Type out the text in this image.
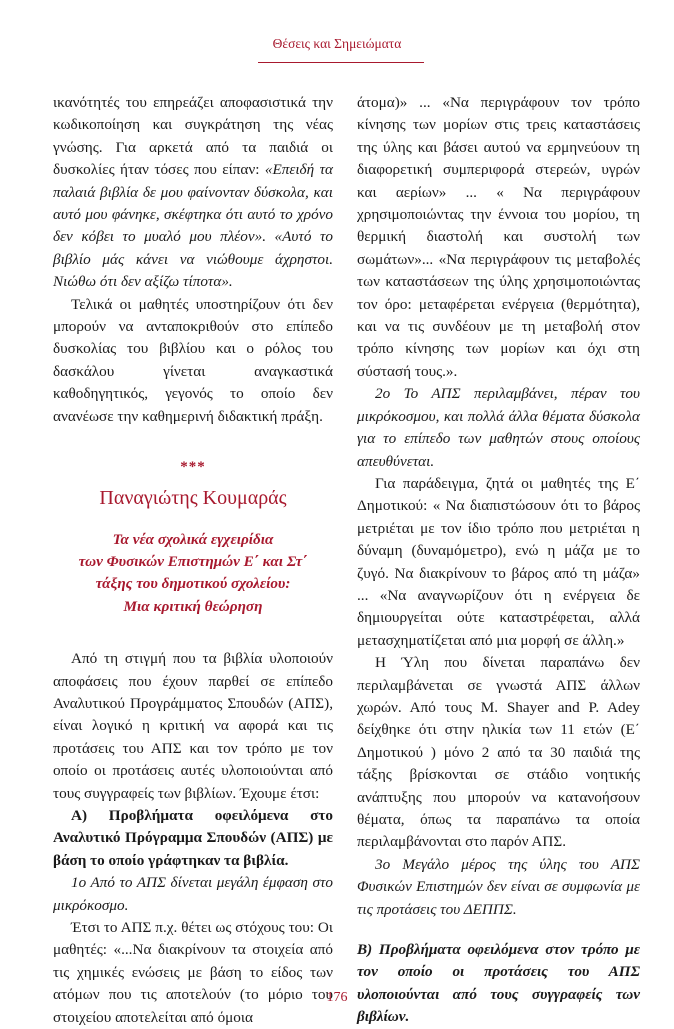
Θέσεις και Σημειώματα

ικανότητές του επηρεάζει αποφασιστικά την κωδικοποίηση και συγκράτηση της νέας γνώσης. Για αρκετά από τα παιδιά οι δυσκολίες ήταν τόσες που είπαν: «Επειδή τα παλαιά βιβλία δε μου φαίνονταν δύσκολα, και αυτό μου φάνηκε, σκέφτηκα ότι αυτό το χρόνο δεν κόβει το μυαλό μου πλέον». «Αυτό το βιβλίο μάς κάνει να νιώθουμε άχρηστοι. Νιώθω ότι δεν αξίζω τίποτα».

Τελικά οι μαθητές υποστηρίζουν ότι δεν μπορούν να ανταποκριθούν στο επίπεδο δυσκολίας του βιβλίου και ο ρόλος του δασκάλου γίνεται αναγκαστικά καθοδηγητικός, γεγονός το οποίο δεν ανανέωσε την καθημερινή διδακτική πράξη.

***

Παναγιώτης Κουμαράς

Τα νέα σχολικά εγχειρίδια
των Φυσικών Επιστημών Ε΄ και Στ΄
τάξης του δημοτικού σχολείου:
Μια κριτική θεώρηση

Από τη στιγμή που τα βιβλία υλοποιούν αποφάσεις που έχουν παρθεί σε επίπεδο Αναλυτικού Προγράμματος Σπουδών (ΑΠΣ), είναι λογικό η κριτική να αφορά και τις προτάσεις του ΑΠΣ και τον τρόπο με τον οποίο οι προτάσεις αυτές υλοποιούνται από τους συγγραφείς των βιβλίων. Έχουμε έτσι:

Α) Προβλήματα οφειλόμενα στο Αναλυτικό Πρόγραμμα Σπουδών (ΑΠΣ) με βάση το οποίο γράφτηκαν τα βιβλία.

1ο Από το ΑΠΣ δίνεται μεγάλη έμφαση στο μικρόκοσμο.

Έτσι το ΑΠΣ π.χ. θέτει ως στόχους του: Οι μαθητές: «...Να διακρίνουν τα στοιχεία από τις χημικές ενώσεις με βάση το είδος των ατόμων που τις αποτελούν (το μόριο του στοιχείου αποτελείται από όμοια

άτομα)» ... «Να περιγράφουν τον τρόπο κίνησης των μορίων στις τρεις καταστάσεις της ύλης και βάσει αυτού να ερμηνεύουν τη διαφορετική συμπεριφορά στερεών, υγρών και αερίων» ... « Να περιγράφουν χρησιμοποιώντας την έννοια του μορίου, τη θερμική διαστολή και συστολή των σωμάτων»... «Να περιγράφουν τις μεταβολές των καταστάσεων της ύλης χρησιμοποιώντας τον όρο: μεταφέρεται ενέργεια (θερμότητα), και να τις συνδέουν με τη μεταβολή στον τρόπο κίνησης των μορίων και όχι στη σύστασή τους.».

2ο Το ΑΠΣ περιλαμβάνει, πέραν του μικρόκοσμου, και πολλά άλλα θέματα δύσκολα για το επίπεδο των μαθητών στους οποίους απευθύνεται.

Για παράδειγμα, ζητά οι μαθητές της Ε΄ Δημοτικού: « Να διαπιστώσουν ότι το βάρος μετριέται με τον ίδιο τρόπο που μετριέται η δύναμη (δυναμόμετρο), ενώ η μάζα με το ζυγό. Να διακρίνουν το βάρος από τη μάζα» ... «Να αναγνωρίζουν ότι η ενέργεια δε δημιουργείται ούτε καταστρέφεται, αλλά μετασχηματίζεται από μια μορφή σε άλλη.»

Η Ύλη που δίνεται παραπάνω δεν περιλαμβάνεται σε γνωστά ΑΠΣ άλλων χωρών. Από τους M. Shayer and P. Adey δείχθηκε ότι στην ηλικία των 11 ετών (Ε΄ Δημοτικού ) μόνο 2 από τα 30 παιδιά της τάξης βρίσκονται σε στάδιο νοητικής ανάπτυξης που μπορούν να κατανοήσουν θέματα, όπως τα παραπάνω τα οποία περιλαμβάνονται στο παρόν ΑΠΣ.

3ο Μεγάλο μέρος της ύλης του ΑΠΣ Φυσικών Επιστημών δεν είναι σε συμφωνία με τις προτάσεις του ΔΕΠΠΣ.

Β) Προβλήματα οφειλόμενα στον τρόπο με τον οποίο οι προτάσεις του ΑΠΣ υλοποιούνται από τους συγγραφείς των βιβλίων.

176
